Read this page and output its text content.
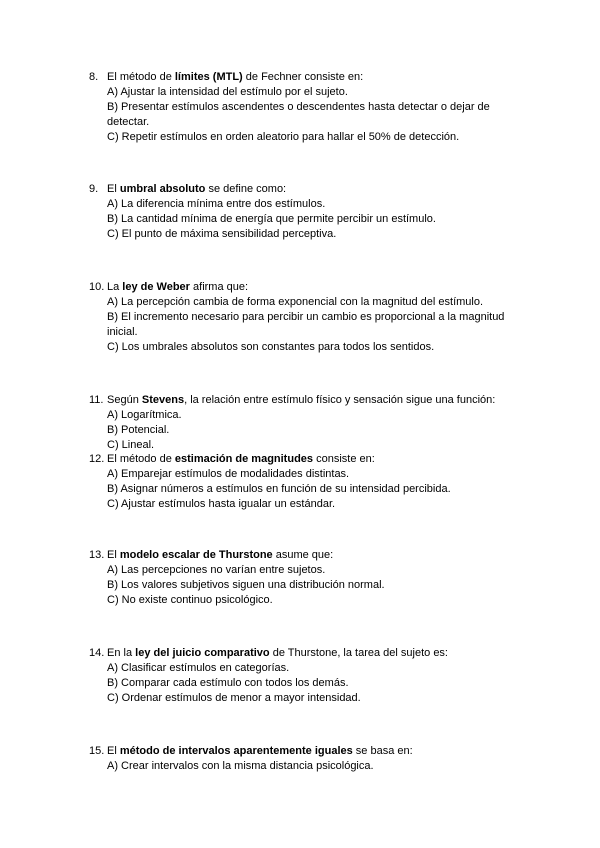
8. El método de límites (MTL) de Fechner consiste en:
A) Ajustar la intensidad del estímulo por el sujeto.
B) Presentar estímulos ascendentes o descendentes hasta detectar o dejar de detectar.
C) Repetir estímulos en orden aleatorio para hallar el 50% de detección.
9. El umbral absoluto se define como:
A) La diferencia mínima entre dos estímulos.
B) La cantidad mínima de energía que permite percibir un estímulo.
C) El punto de máxima sensibilidad perceptiva.
10. La ley de Weber afirma que:
A) La percepción cambia de forma exponencial con la magnitud del estímulo.
B) El incremento necesario para percibir un cambio es proporcional a la magnitud inicial.
C) Los umbrales absolutos son constantes para todos los sentidos.
11. Según Stevens, la relación entre estímulo físico y sensación sigue una función:
A) Logarítmica.
B) Potencial.
C) Lineal.
12. El método de estimación de magnitudes consiste en:
A) Emparejar estímulos de modalidades distintas.
B) Asignar números a estímulos en función de su intensidad percibida.
C) Ajustar estímulos hasta igualar un estándar.
13. El modelo escalar de Thurstone asume que:
A) Las percepciones no varían entre sujetos.
B) Los valores subjetivos siguen una distribución normal.
C) No existe continuo psicológico.
14. En la ley del juicio comparativo de Thurstone, la tarea del sujeto es:
A) Clasificar estímulos en categorías.
B) Comparar cada estímulo con todos los demás.
C) Ordenar estímulos de menor a mayor intensidad.
15. El método de intervalos aparentemente iguales se basa en:
A) Crear intervalos con la misma distancia psicológica.
